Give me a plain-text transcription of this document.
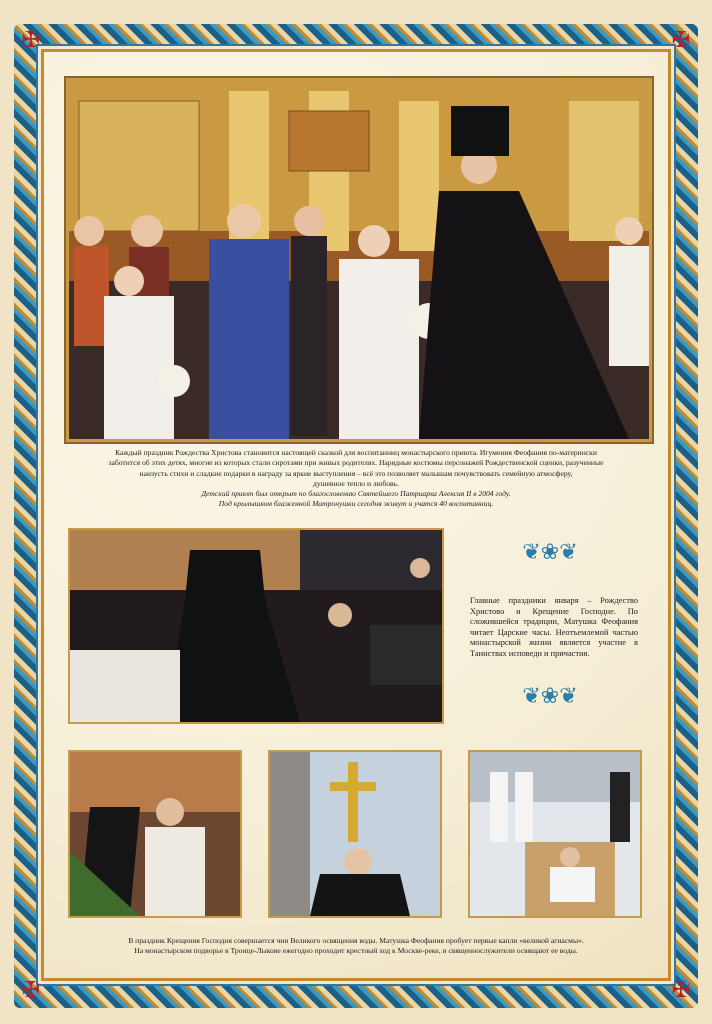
✠	✠
✠	✠
Каждый праздник Рождества Христова становится настоящей сказкой для воспитанниц монастырского приюта. Игумения Феофания по-матерински
заботится об этих детях, многие из которых стали сиротами при живых родителях. Нарядные костюмы персонажей Рождественской сценки, разученные
наизусть стихи и сладкие подарки в награду за яркие выступления – всё это позволяет малышам почувствовать семейную атмосферу,
душевное тепло и любовь.
Детский приют был открыт по благословению Святейшего Патриарха Алексия II в 2004 году.
Под крылышком блаженной Матронушки сегодня живут и учатся 40 воспитанниц.
❦❀❦
Главные праздники января – Рождество Христово и Крещение Господне. По сложившейся традиции, Матушка Феофания читает Царские часы. Неотъемлемой частью монастырской жизни является участие в Таинствах исповеди и причастия.
❦❀❦
В праздник Крещения Господня совершается чин Великого освящения воды. Матушка Феофания пробует первые капли «великой агиасмы».
На монастырском подворье в Троице-Лыкове ежегодно проходит крестный ход к Москве-реке, и священнослужители освящают ее воды.
